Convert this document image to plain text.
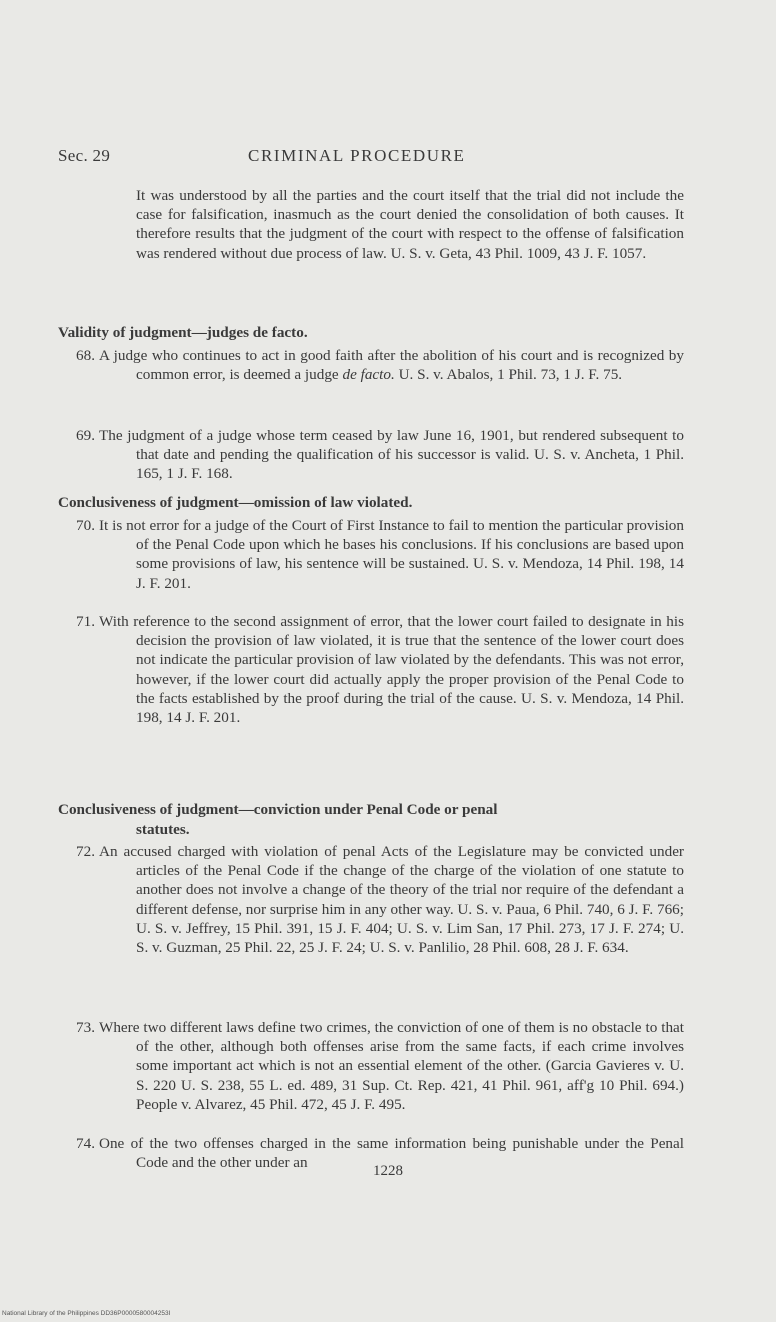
Sec. 29	CRIMINAL PROCEDURE
It was understood by all the parties and the court itself that the trial did not include the case for falsification, inasmuch as the court denied the consolidation of both causes. It therefore results that the judgment of the court with respect to the offense of falsification was rendered without due process of law. U. S. v. Geta, 43 Phil. 1009, 43 J. F. 1057.
Validity of judgment—judges de facto.
68. A judge who continues to act in good faith after the abolition of his court and is recognized by common error, is deemed a judge de facto. U. S. v. Abalos, 1 Phil. 73, 1 J. F. 75.
69. The judgment of a judge whose term ceased by law June 16, 1901, but rendered subsequent to that date and pending the qualification of his successor is valid. U. S. v. Ancheta, 1 Phil. 165, 1 J. F. 168.
Conclusiveness of judgment—omission of law violated.
70. It is not error for a judge of the Court of First Instance to fail to mention the particular provision of the Penal Code upon which he bases his conclusions. If his conclusions are based upon some provisions of law, his sentence will be sustained. U. S. v. Mendoza, 14 Phil. 198, 14 J. F. 201.
71. With reference to the second assignment of error, that the lower court failed to designate in his decision the provision of law violated, it is true that the sentence of the lower court does not indicate the particular provision of law violated by the defendants. This was not error, however, if the lower court did actually apply the proper provision of the Penal Code to the facts established by the proof during the trial of the cause. U. S. v. Mendoza, 14 Phil. 198, 14 J. F. 201.
Conclusiveness of judgment—conviction under Penal Code or penal
statutes.
72. An accused charged with violation of penal Acts of the Legislature may be convicted under articles of the Penal Code if the change of the charge of the violation of one statute to another does not involve a change of the theory of the trial nor require of the defendant a different defense, nor surprise him in any other way. U. S. v. Paua, 6 Phil. 740, 6 J. F. 766; U. S. v. Jeffrey, 15 Phil. 391, 15 J. F. 404; U. S. v. Lim San, 17 Phil. 273, 17 J. F. 274; U. S. v. Guzman, 25 Phil. 22, 25 J. F. 24; U. S. v. Panlilio, 28 Phil. 608, 28 J. F. 634.
73. Where two different laws define two crimes, the conviction of one of them is no obstacle to that of the other, although both offenses arise from the same facts, if each crime involves some important act which is not an essential element of the other. (Garcia Gavieres v. U. S. 220 U. S. 238, 55 L. ed. 489, 31 Sup. Ct. Rep. 421, 41 Phil. 961, aff'g 10 Phil. 694.) People v. Alvarez, 45 Phil. 472, 45 J. F. 495.
74. One of the two offenses charged in the same information being punishable under the Penal Code and the other under an	1228
National Library of the Philippines DD36P0000580004253I
